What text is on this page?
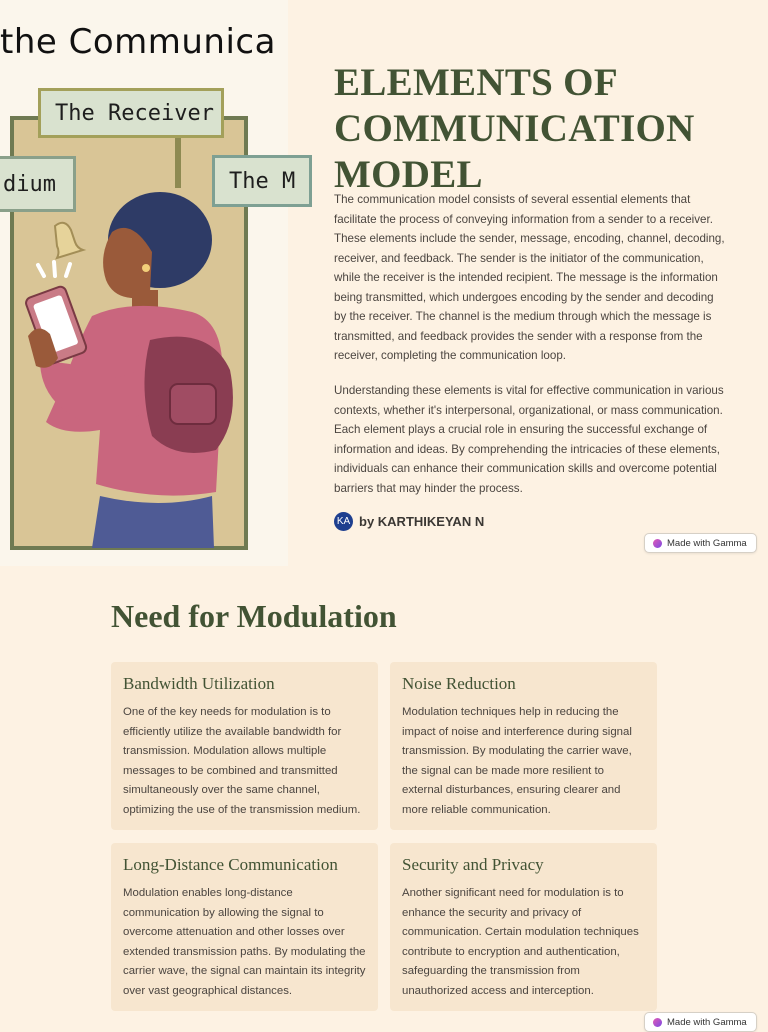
the Communica
The Receiver
dium	The M
ELEMENTS OF COMMUNICATION MODEL

The communication model consists of several essential elements that facilitate the process of conveying information from a sender to a receiver. These elements include the sender, message, encoding, channel, decoding, receiver, and feedback. The sender is the initiator of the communication, while the receiver is the intended recipient. The message is the information being transmitted, which undergoes encoding by the sender and decoding by the receiver. The channel is the medium through which the message is transmitted, and feedback provides the sender with a response from the receiver, completing the communication loop.

Understanding these elements is vital for effective communication in various contexts, whether it's interpersonal, organizational, or mass communication. Each element plays a crucial role in ensuring the successful exchange of information and ideas. By comprehending the intricacies of these elements, individuals can enhance their communication skills and overcome potential barriers that may hinder the process.

KA by KARTHIKEYAN N
Made with Gamma
Need for Modulation
Bandwidth Utilization
One of the key needs for modulation is to efficiently utilize the available bandwidth for transmission. Modulation allows multiple messages to be combined and transmitted simultaneously over the same channel, optimizing the use of the transmission medium.
Noise Reduction
Modulation techniques help in reducing the impact of noise and interference during signal transmission. By modulating the carrier wave, the signal can be made more resilient to external disturbances, ensuring clearer and more reliable communication.
Long-Distance Communication
Modulation enables long-distance communication by allowing the signal to overcome attenuation and other losses over extended transmission paths. By modulating the carrier wave, the signal can maintain its integrity over vast geographical distances.
Security and Privacy
Another significant need for modulation is to enhance the security and privacy of communication. Certain modulation techniques contribute to encryption and authentication, safeguarding the transmission from unauthorized access and interception.
Made with Gamma
